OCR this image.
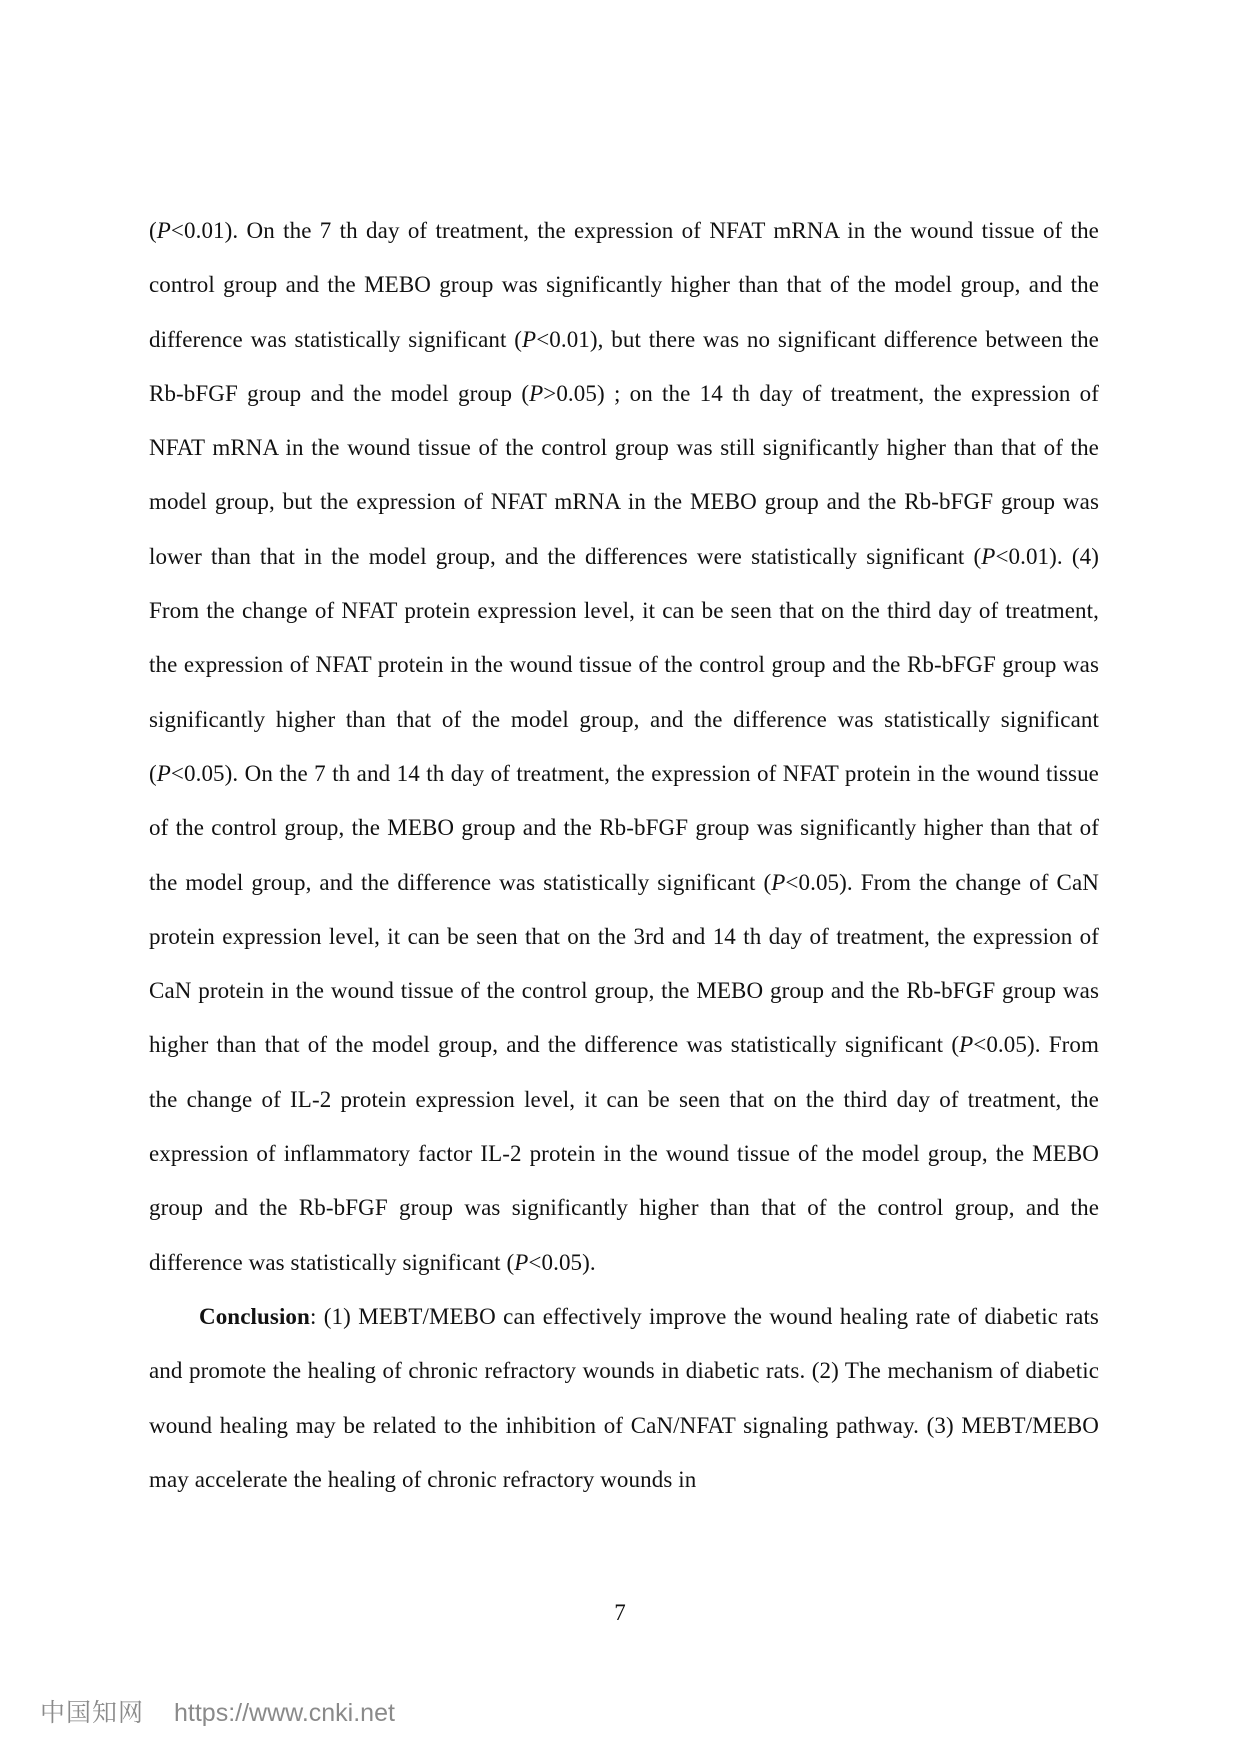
(P<0.01). On the 7 th day of treatment, the expression of NFAT mRNA in the wound tissue of the control group and the MEBO group was significantly higher than that of the model group, and the difference was statistically significant (P<0.01), but there was no significant difference between the Rb-bFGF group and the model group (P>0.05) ; on the 14 th day of treatment, the expression of NFAT mRNA in the wound tissue of the control group was still significantly higher than that of the model group, but the expression of NFAT mRNA in the MEBO group and the Rb-bFGF group was lower than that in the model group, and the differences were statistically significant (P<0.01). (4) From the change of NFAT protein expression level, it can be seen that on the third day of treatment, the expression of NFAT protein in the wound tissue of the control group and the Rb-bFGF group was significantly higher than that of the model group, and the difference was statistically significant (P<0.05). On the 7 th and 14 th day of treatment, the expression of NFAT protein in the wound tissue of the control group, the MEBO group and the Rb-bFGF group was significantly higher than that of the model group, and the difference was statistically significant (P<0.05). From the change of CaN protein expression level, it can be seen that on the 3rd and 14 th day of treatment, the expression of CaN protein in the wound tissue of the control group, the MEBO group and the Rb-bFGF group was higher than that of the model group, and the difference was statistically significant (P<0.05). From the change of IL-2 protein expression level, it can be seen that on the third day of treatment, the expression of inflammatory factor IL-2 protein in the wound tissue of the model group, the MEBO group and the Rb-bFGF group was significantly higher than that of the control group, and the difference was statistically significant (P<0.05).

Conclusion: (1) MEBT/MEBO can effectively improve the wound healing rate of diabetic rats and promote the healing of chronic refractory wounds in diabetic rats. (2) The mechanism of diabetic wound healing may be related to the inhibition of CaN/NFAT signaling pathway. (3) MEBT/MEBO may accelerate the healing of chronic refractory wounds in

7
中国知网 https://www.cnki.net
